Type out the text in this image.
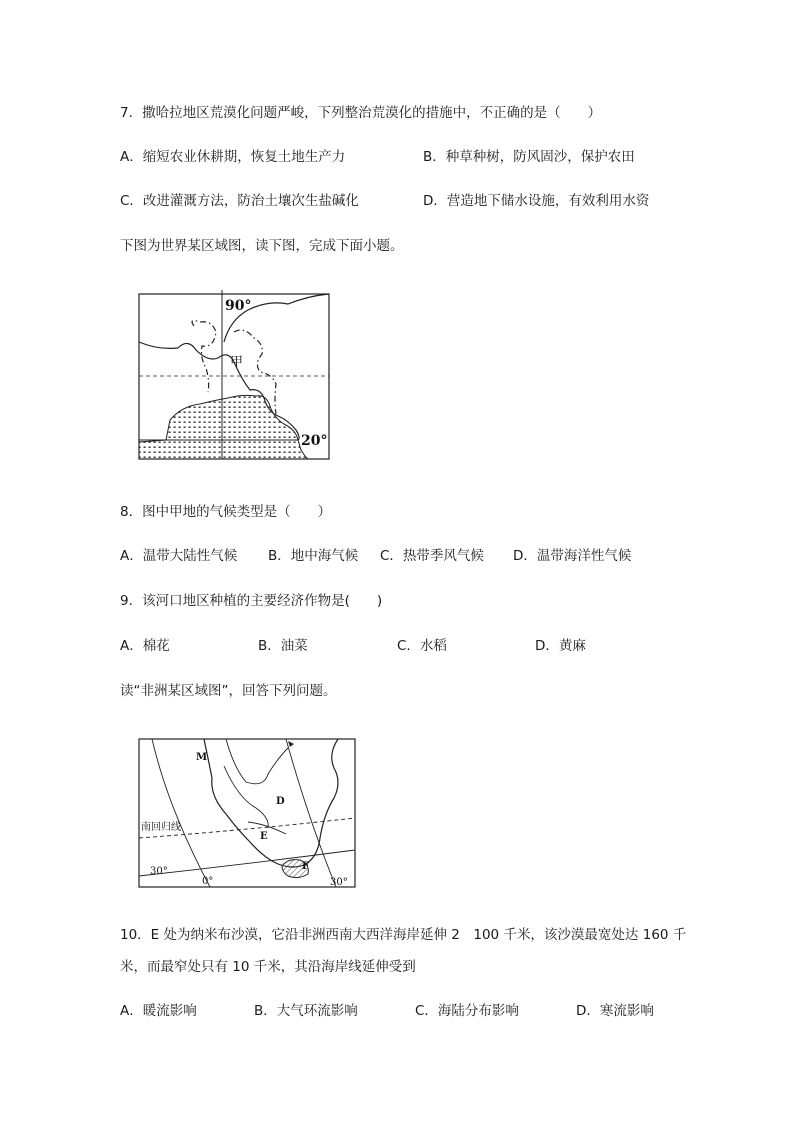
7．撒哈拉地区荒漠化问题严峻，下列整治荒漠化的措施中，不正确的是（　　）
A．缩短农业休耕期，恢复土地生产力	B．种草种树，防风固沙，保护农田
C．改进灌溉方法，防治土壤次生盐碱化	D．营造地下储水设施，有效利用水资
下图为世界某区域图，读下图，完成下面小题。
90°
20°
甲
8．图中甲地的气候类型是（　　）
A．温带大陆性气候 B．地中海气候 C．热带季风气候 D．温带海洋性气候
9．该河口地区种植的主要经济作物是(　　)
A．棉花	B．油菜	C．水稻	D．黄麻
读“非洲某区域图”，回答下列问题。
M
D
E
F
南回归线
30°
0°	30°
10．E 处为纳米布沙漠，它沿非洲西南大西洋海岸延伸 2　100 千米，该沙漠最宽处达 160 千
米，而最窄处只有 10 千米，其沿海岸线延伸受到
A．暖流影响	B．大气环流影响	C．海陆分布影响	D．寒流影响
